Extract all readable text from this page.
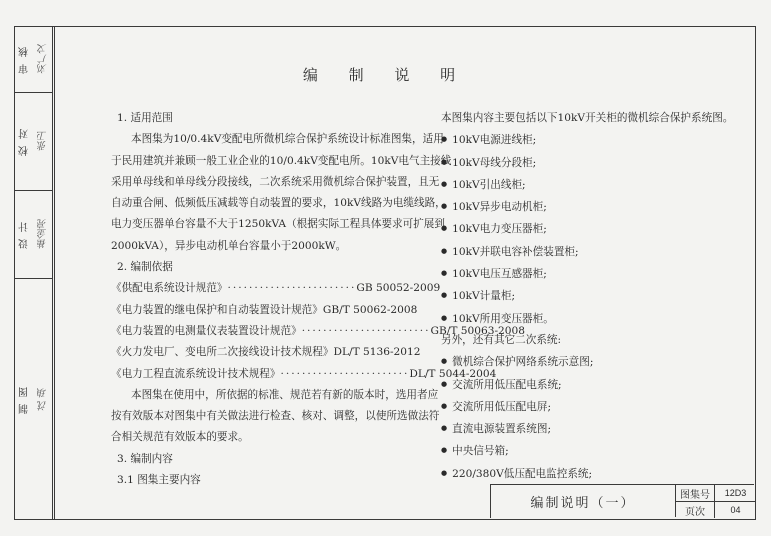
审 核 刘广文
校 对 张卫
设 计 崔金亮
制 图 沈 琪
编 制 说 明
1. 适用范围
本图集为10/0.4kV变配电所微机综合保护系统设计标准图集，适用
于民用建筑并兼顾一般工业企业的10/0.4kV变配电所。10kV电气主接线
采用单母线和单母线分段接线，二次系统采用微机综合保护装置，且无
自动重合闸、低频低压减载等自动装置的要求，10kV线路为电缆线路，
电力变压器单台容量不大于1250kVA（根据实际工程具体要求可扩展到
2000kVA），异步电动机单台容量小于2000kW。
2. 编制依据
《供配电系统设计规范》 ························ GB 50052-2009
《电力装置的继电保护和自动装置设计规范》 GB/T 50062-2008
《电力装置的电测量仪表装置设计规范》 ························ GB/T 50063-2008
《火力发电厂、变电所二次接线设计技术规程》 DL/T 5136-2012
《电力工程直流系统设计技术规程》 ························ DL/T 5044-2004
本图集在使用中，所依据的标准、规范若有新的版本时，选用者应
按有效版本对图集中有关做法进行检查、核对、调整，以使所选做法符
合相关规范有效版本的要求。
3. 编制内容
3.1 图集主要内容
本图集内容主要包括以下10kV开关柜的微机综合保护系统图。
● 10kV电源进线柜;
● 10kV母线分段柜;
● 10kV引出线柜;
● 10kV异步电动机柜;
● 10kV电力变压器柜;
● 10kV并联电容补偿装置柜;
● 10kV电压互感器柜;
● 10kV计量柜;
● 10kV所用变压器柜。
另外，还有其它二次系统:
● 微机综合保护网络系统示意图;
● 交流所用低压配电系统;
● 交流所用低压配电屏;
● 直流电源装置系统图;
● 中央信号箱;
● 220/380V低压配电监控系统;
编制说明（一）
图集号	12D3
页次	04
